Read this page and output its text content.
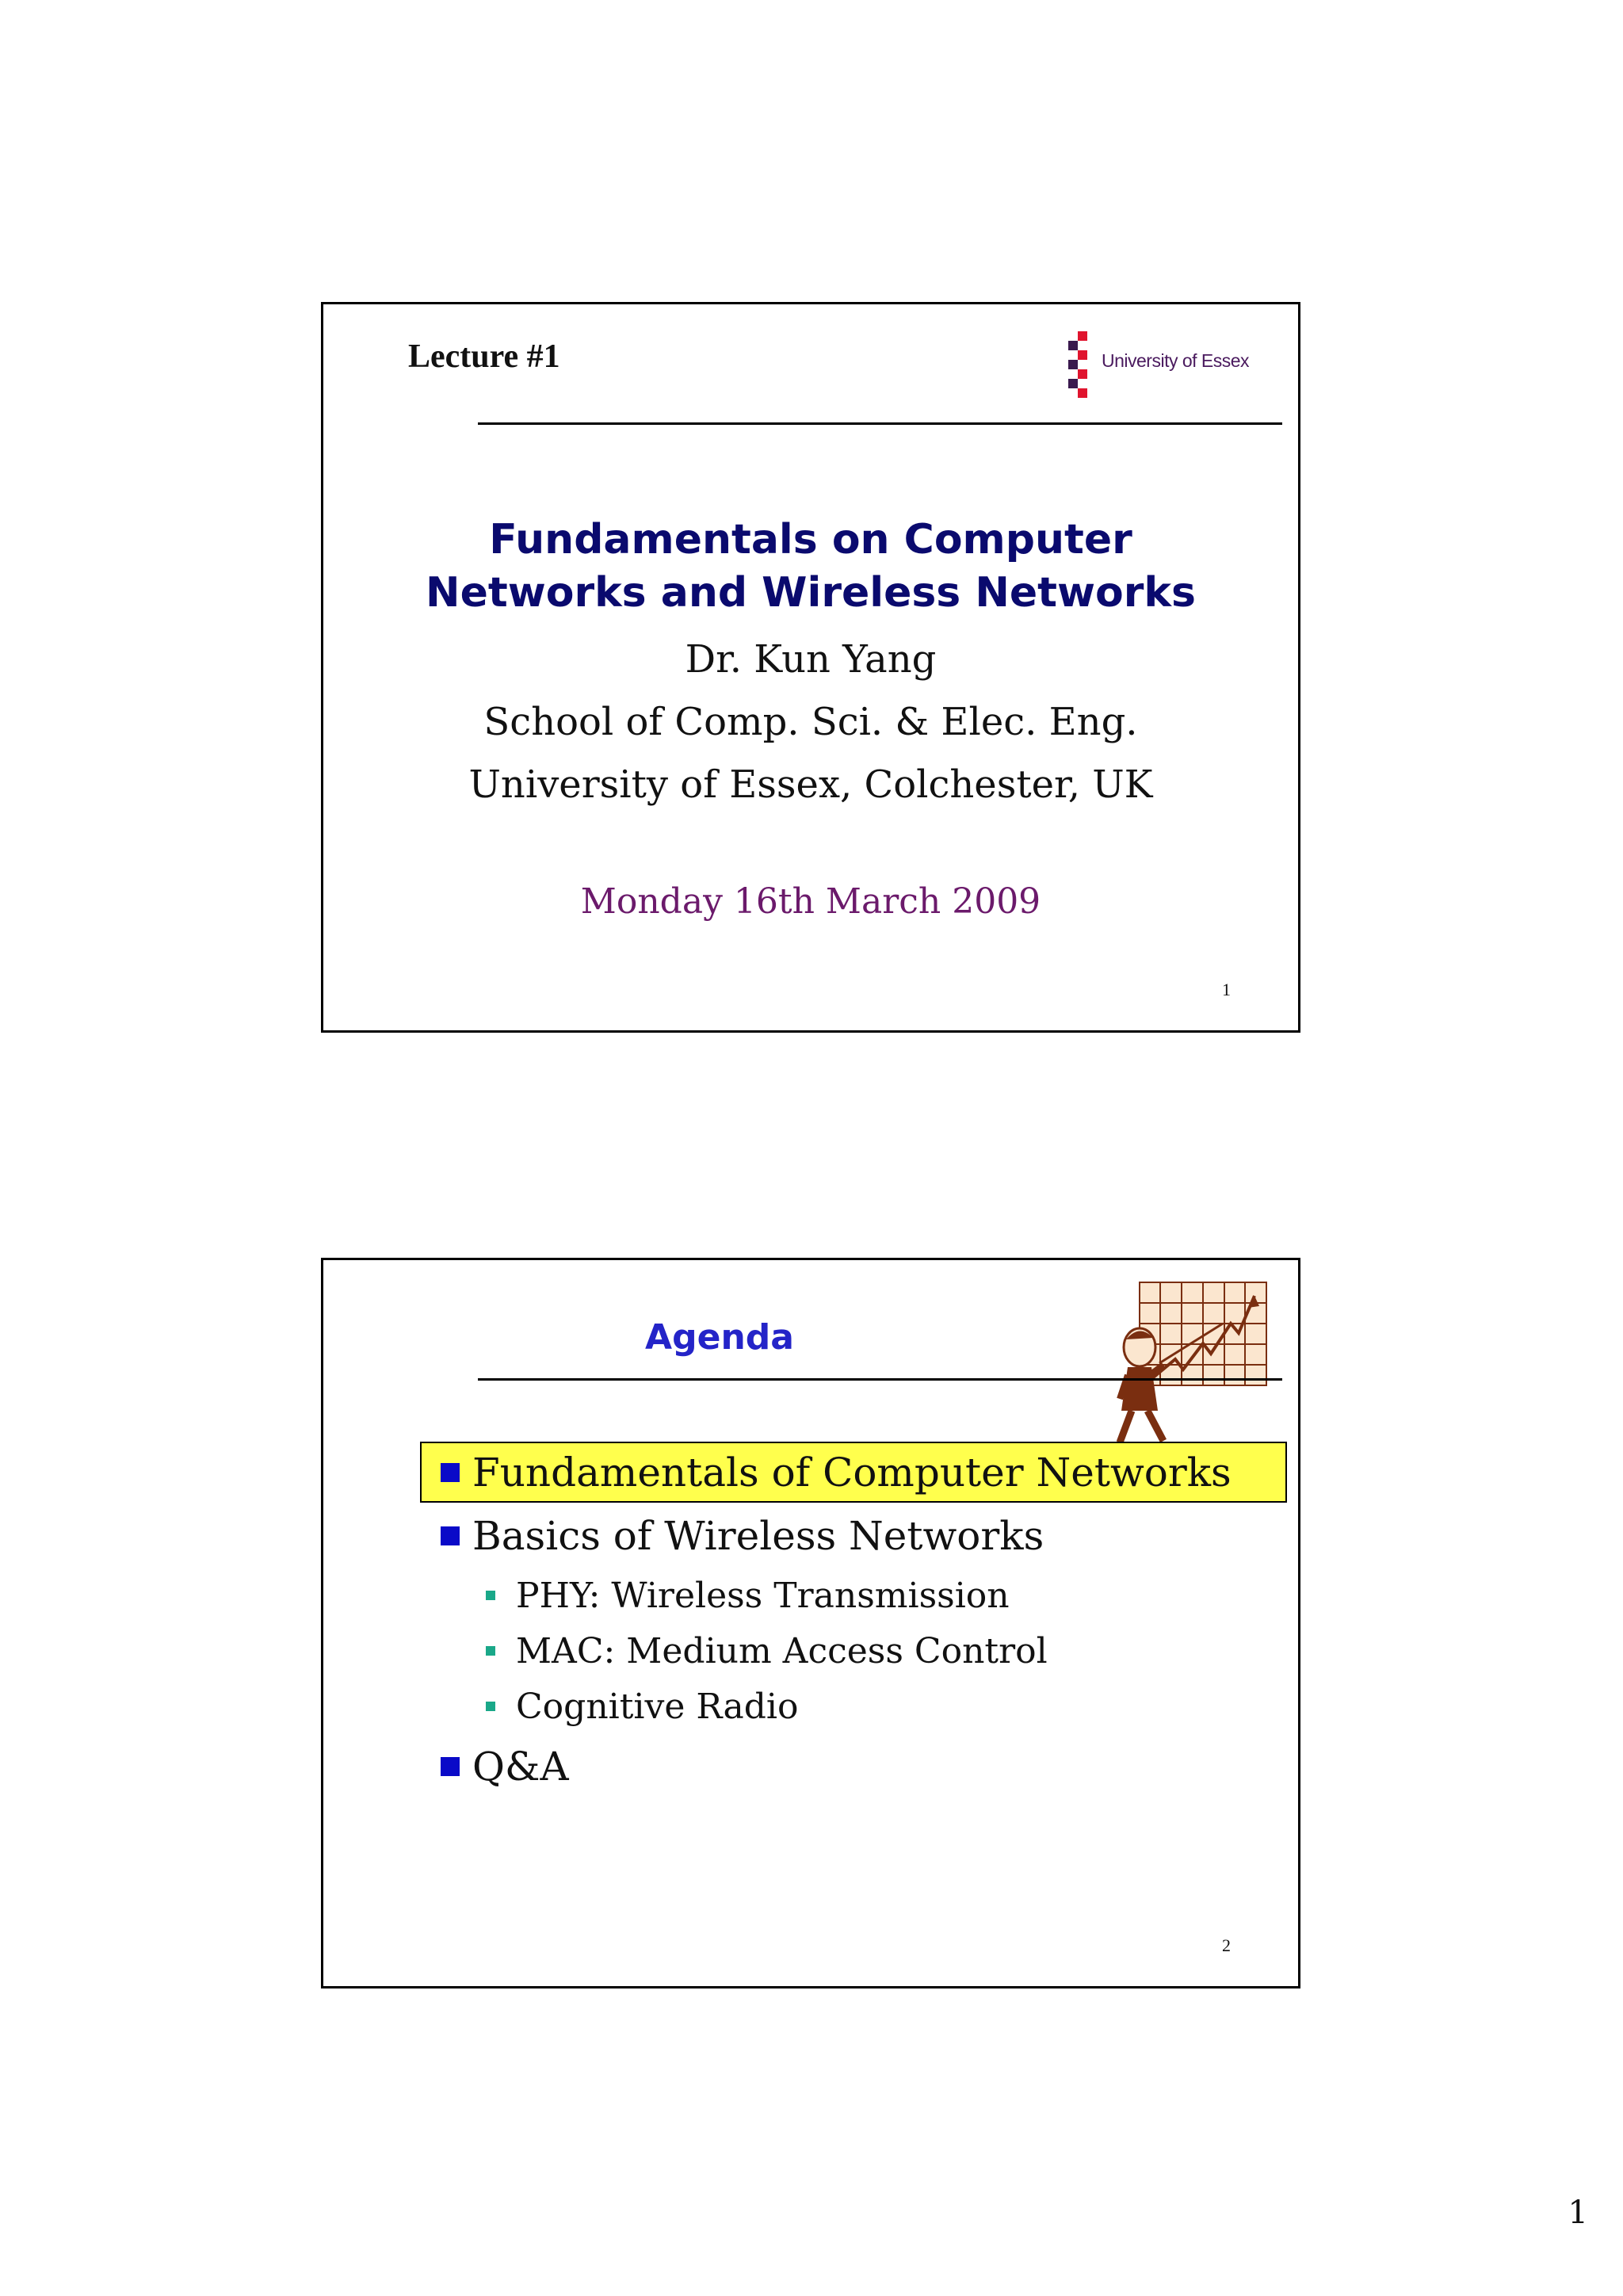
Lecture #1	University of Essex
Fundamentals on Computer
Networks and Wireless Networks
Dr. Kun Yang
School of Comp. Sci. & Elec. Eng.
University of Essex, Colchester, UK
Monday 16th March 2009
1
Agenda
Fundamentals of Computer Networks
Basics of Wireless Networks
PHY: Wireless Transmission
MAC: Medium Access Control
Cognitive Radio
Q&A
2
1
